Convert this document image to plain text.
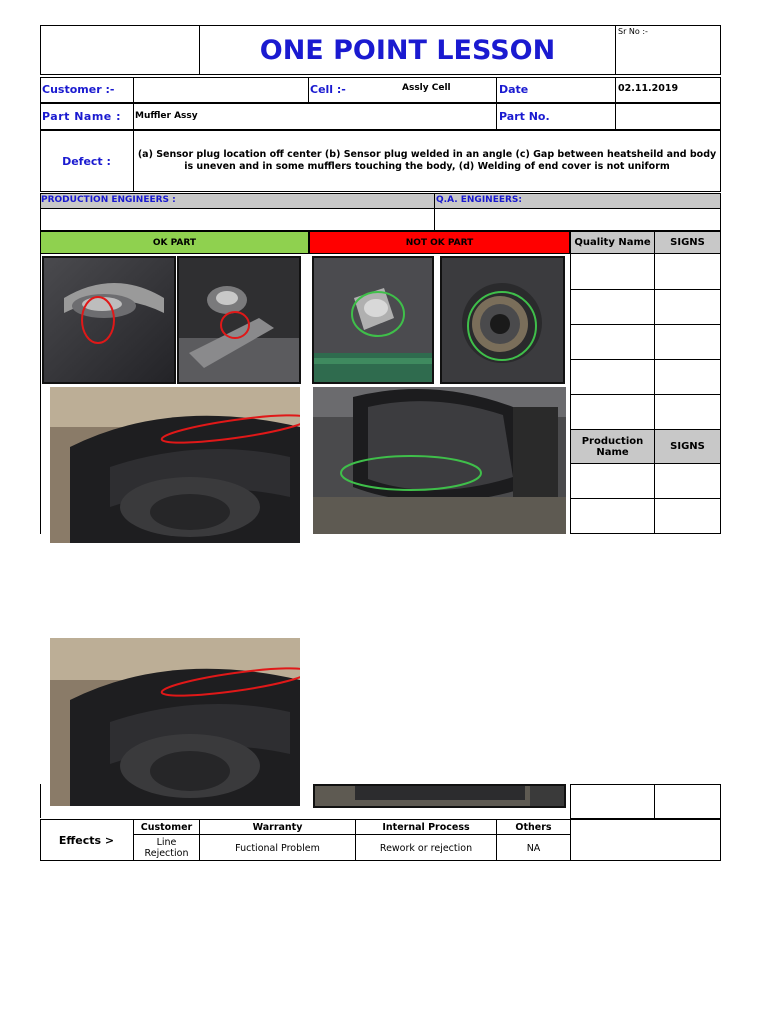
ONE POINT LESSON
Sr No :-
Customer :-	Cell :-	Assly Cell	Date	02.11.2019
Part Name : Muffler Assy	Part No.
Defect :	(a) Sensor plug location off center (b) Sensor plug welded in an angle (c) Gap between heatsheild and body is uneven and in some mufflers touching the body, (d) Welding of end cover is not uniform
PRODUCTION ENGINEERS :	Q.A. ENGINEERS:
OK PART	NOT OK PART	Quality Name SIGNS
Production Name	SIGNS
Effects >
Customer	Warranty	Internal Process	Others
Line Rejection	Fuctional Problem	Rework or rejection	NA
